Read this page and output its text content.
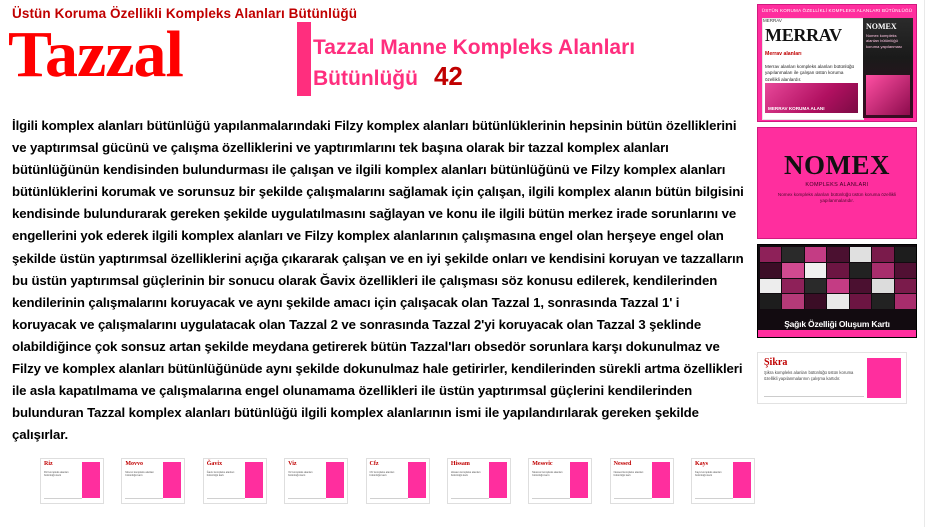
Üstün Koruma Özellikli Kompleks Alanları Bütünlüğü
Tazzal	Tazzal Manne Kompleks Alanları
Bütünlüğü 42
İlgili komplex alanları bütünlüğü yapılanmalarındaki Filzy komplex alanları bütünlüklerinin hepsinin bütün özelliklerini ve yaptırımsal gücünü ve çalışma özelliklerini ve yaptırımlarını tek başına olarak bir tazzal komplex alanları bütünlüğünün kendisinden bulundurması ile çalışan ve ilgili komplex alanları bütünlüğünü ve Filzy komplex alanları bütünlüklerini korumak ve sorunsuz bir şekilde çalışmalarını sağlamak için çalışan, ilgili komplex alanın bütün bilgisini kendisinde bulundurarak gereken şekilde uygulatılmasını sağlayan ve konu ile ilgili bütün merkez irade sorunlarını ve engellerini yok ederek ilgili komplex alanları ve Filzy komplex alanlarının çalışmasına engel olan herşeye engel olan şekilde üstün yaptırımsal özelliklerini açığa çıkararak çalışan ve en iyi şekilde onları ve kendisini koruyan ve tazzalların bu üstün yaptırımsal güçlerinin bir sonucu olarak Ğavix özellikleri ile çalışması söz konusu edilerek, kendilerinden kendilerinin çalışmalarını koruyacak ve aynı şekilde amacı için çalışacak olan Tazzal 1, sonrasında Tazzal 1' i koruyacak ve çalışmalarını uygulatacak olan Tazzal 2 ve sonrasında Tazzal 2'yi koruyacak olan Tazzal 3 şeklinde olabildiğince çok sonsuz artan şekilde meydana getirerek bütün Tazzal'ları obsedör sorunlara karşı dokunulmaz ve Filzy ve komplex alanları bütünlüğünüde aynı şekilde dokunulmaz hale getirirler, kendilerinden sürekli artma özellikleri ile asla kapatılmama ve çalışmalarına engel olunamama özellikleri ile üstün yaptırımsal güçlerini kendilerinden bulunduran Tazzal komplex alanları bütünlüğü ilgili komplex alanlarının ismi ile yapılandırılarak gereken şekilde çalışırlar.
ÜSTÜN KORUMA ÖZELLİKLİ KOMPLEKS ALANLARI BÜTÜNLÜĞÜ
MERRAV
MERRAV
Merrav alanları
Merrav alanları kompleks alanları bütünlüğü yapılanmaları ile çalışan üstün koruma özellikli alanlardır.
MERRAV KORUMA ALANI
NOMEX
Nomex kompleks alanları bütünlüğü koruma yapılanması
NOMEX
KOMPLEKS ALANLARI
Nomex kompleks alanları bütünlüğü üstün koruma özellikli yapılanmalarıdır.
Şağık Özelliği Oluşum Kartı
Şikra
Şikra kompleks alanları bütünlüğü üstün koruma özellikli yapılanmalarının çalışma kartıdır.
Riz
Riz kompleks alanları bütünlüğü kartı
Movvo
Movvo kompleks alanları bütünlüğü kartı
Ğavix
Ğavix kompleks alanları bütünlüğü kartı
Viz
Viz kompleks alanları bütünlüğü kartı
Cfz
Cfz kompleks alanları bütünlüğü kartı
Hissam
Hissam kompleks alanları bütünlüğü kartı
Messvic
Messvic kompleks alanları bütünlüğü kartı
Nessed
Nessed kompleks alanları bütünlüğü kartı
Kays
Kays kompleks alanları bütünlüğü kartı
